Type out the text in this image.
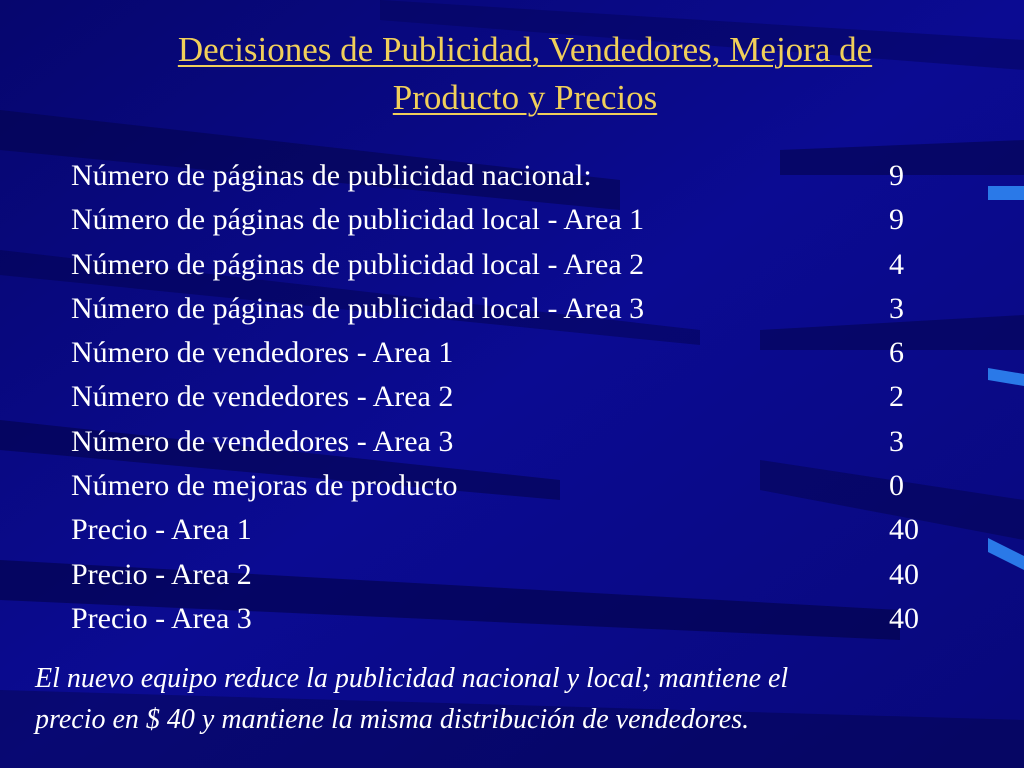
Decisiones de Publicidad, Vendedores, Mejora de
Producto y Precios
Número de páginas de publicidad nacional:	9
Número de páginas de publicidad local - Area 1	9
Número de páginas de publicidad local - Area 2	4
Número de páginas de publicidad local - Area 3	3
Número de vendedores - Area 1	6
Número de vendedores - Area 2	2
Número de vendedores - Area 3	3
Número de mejoras de producto	0
Precio - Area 1	40
Precio - Area 2	40
Precio - Area 3	40
El nuevo equipo reduce la publicidad nacional y local; mantiene el
precio en $ 40 y mantiene la misma distribución de vendedores.
